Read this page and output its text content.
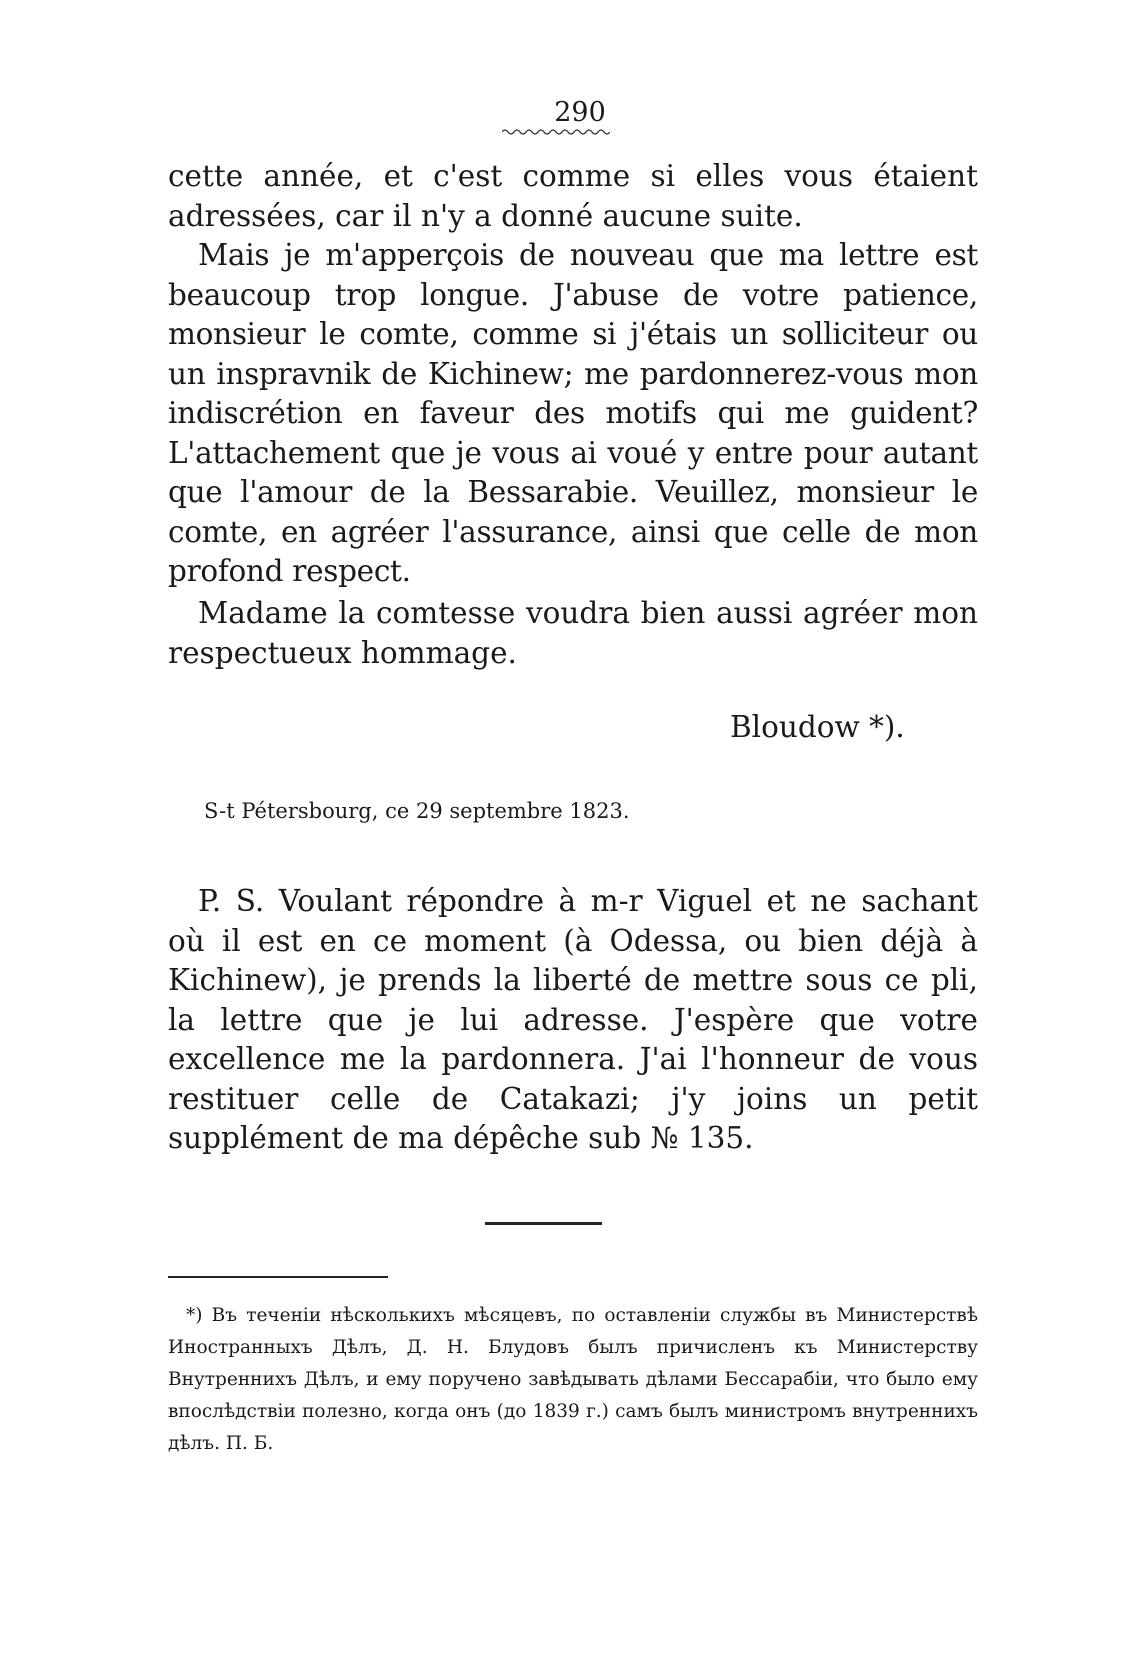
290

cette année, et c'est comme si elles vous étaient adressées, car il n'y a donné aucune suite.

Mais je m'apperçois de nouveau que ma lettre est beaucoup trop longue. J'abuse de votre patience, monsieur le comte, comme si j'étais un solliciteur ou un inspravnik de Kichinew; me pardonnerez-vous mon indiscrétion en faveur des motifs qui me guident? L'attachement que je vous ai voué y entre pour autant que l'amour de la Bessarabie. Veuillez, monsieur le comte, en agréer l'assurance, ainsi que celle de mon profond respect.

Madame la comtesse voudra bien aussi agréer mon respectueux hommage.

Bloudow *).
S-t Pétersbourg, ce 29 septembre 1823.

P. S. Voulant répondre à m-r Viguel et ne sachant où il est en ce moment (à Odessa, ou bien déjà à Kichinew), je prends la liberté de mettre sous ce pli, la lettre que je lui adresse. J'espère que votre excellence me la pardonnera. J'ai l'honneur de vous restituer celle de Catakazi; j'y joins un petit supplément de ma dépêche sub № 135.

*) Въ теченіи нѣсколькихъ мѣсяцевъ, по оставленіи службы въ Министерствѣ Иностранныхъ Дѣлъ, Д. Н. Блудовъ былъ причисленъ къ Министерству Внутреннихъ Дѣлъ, и ему поручено завѣдывать дѣлами Бессарабіи, что было ему впослѣдствіи полезно, когда онъ (до 1839 г.) самъ былъ министромъ внутреннихъ дѣлъ. П. Б.
